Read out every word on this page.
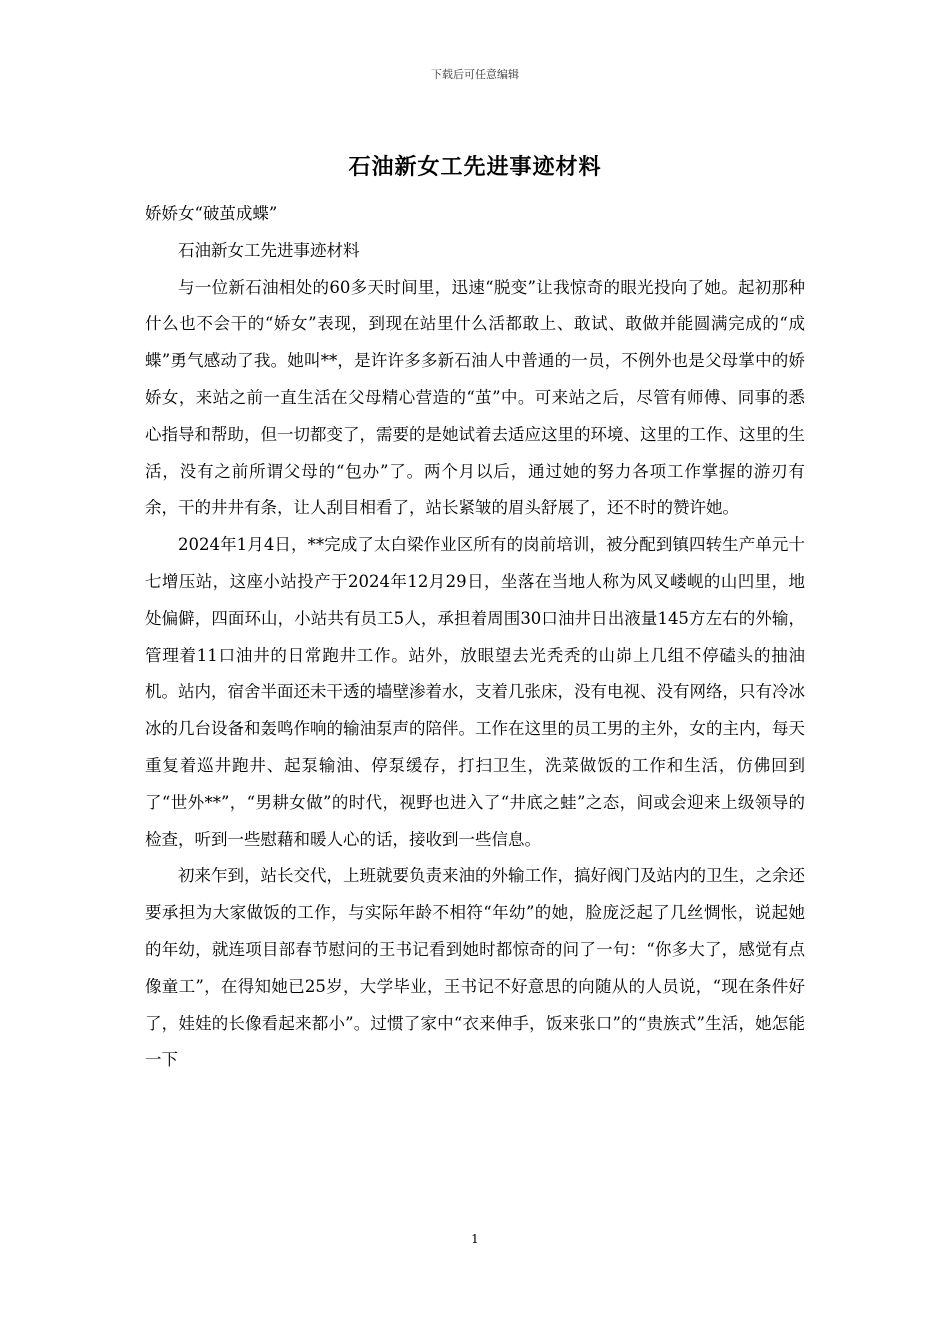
下载后可任意编辑
石油新女工先进事迹材料

娇娇女“破茧成蝶”

石油新女工先进事迹材料

与一位新石油相处的60多天时间里，迅速“脱变”让我惊奇的眼光投向了她。起初那种什么也不会干的“娇女”表现，到现在站里什么活都敢上、敢试、敢做并能圆满完成的“成蝶”勇气感动了我。她叫**，是许许多多新石油人中普通的一员，不例外也是父母掌中的娇娇女，来站之前一直生活在父母精心营造的“茧”中。可来站之后，尽管有师傅、同事的悉心指导和帮助，但一切都变了，需要的是她试着去适应这里的环境、这里的工作、这里的生活，没有之前所谓父母的“包办”了。两个月以后，通过她的努力各项工作掌握的游刃有余，干的井井有条，让人刮目相看了，站长紧皱的眉头舒展了，还不时的赞许她。

2024年1月4日，**完成了太白梁作业区所有的岗前培训，被分配到镇四转生产单元十七增压站，这座小站投产于2024年12月29日，坐落在当地人称为风叉嵝岘的山凹里，地处偏僻，四面环山，小站共有员工5人，承担着周围30口油井日出液量145方左右的外输，管理着11口油井的日常跑井工作。站外，放眼望去光秃秃的山峁上几组不停磕头的抽油机。站内，宿舍半面还未干透的墙壁渗着水，支着几张床，没有电视、没有网络，只有冷冰冰的几台设备和轰鸣作响的输油泵声的陪伴。工作在这里的员工男的主外，女的主内，每天重复着巡井跑井、起泵输油、停泵缓存，打扫卫生，洗菜做饭的工作和生活，仿佛回到了“世外**”，“男耕女做”的时代，视野也进入了“井底之蛙”之态，间或会迎来上级领导的检查，听到一些慰藉和暖人心的话，接收到一些信息。

初来乍到，站长交代，上班就要负责来油的外输工作，搞好阀门及站内的卫生，之余还要承担为大家做饭的工作，与实际年龄不相符“年幼”的她，脸庞泛起了几丝惆怅，说起她的年幼，就连项目部春节慰问的王书记看到她时都惊奇的问了一句：“你多大了，感觉有点像童工”，在得知她已25岁，大学毕业，王书记不好意思的向随从的人员说，“现在条件好了，娃娃的长像看起来都小”。过惯了家中“衣来伸手，饭来张口”的“贵族式”生活，她怎能一下

1
